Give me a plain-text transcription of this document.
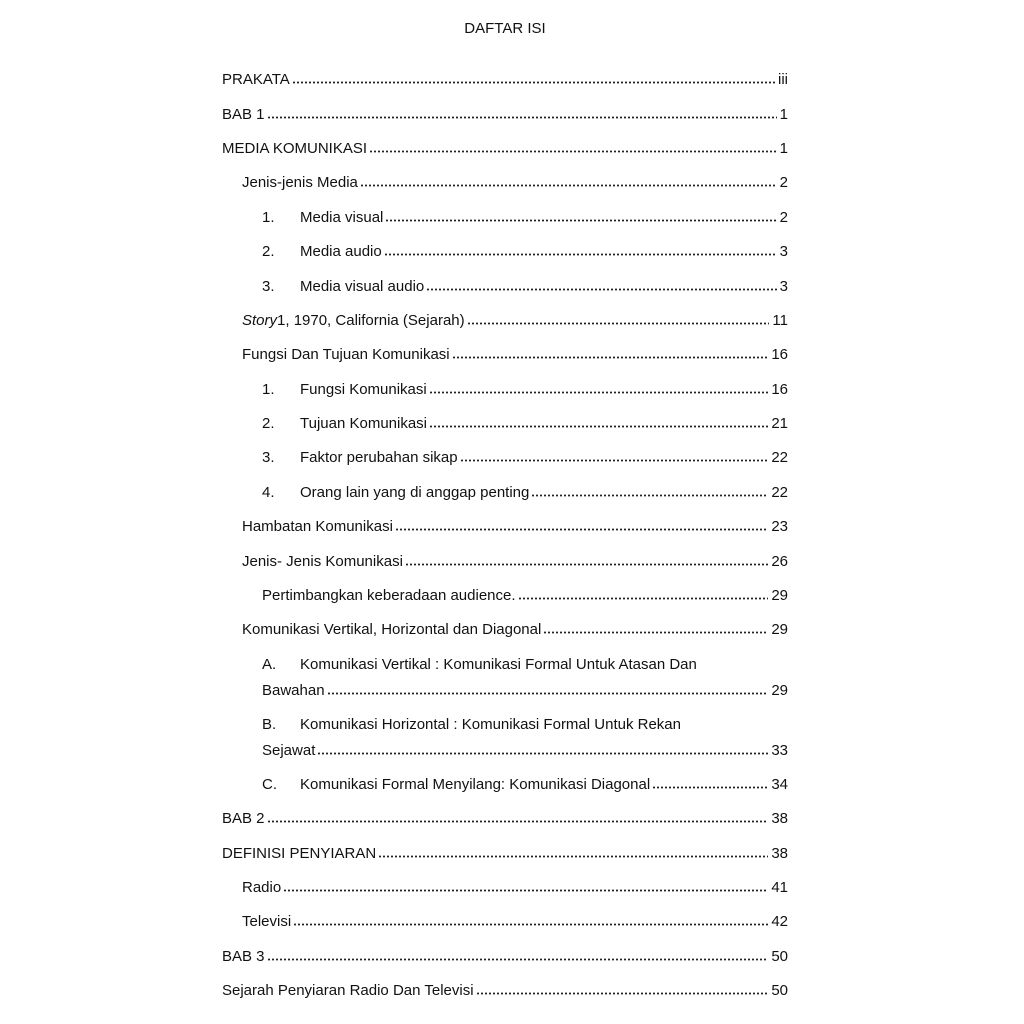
DAFTAR ISI
PRAKATA	iii
BAB 1	1
MEDIA KOMUNIKASI	1
Jenis-jenis Media	2
1.	Media visual	2
2.	Media audio	3
3.	Media visual audio	3
Story 1, 1970, California (Sejarah)	11
Fungsi Dan Tujuan Komunikasi	16
1.	Fungsi Komunikasi	16
2.	Tujuan Komunikasi	21
3.	Faktor perubahan sikap	22
4.	Orang lain yang di anggap penting	22
Hambatan Komunikasi	23
Jenis- Jenis Komunikasi	26
Pertimbangkan keberadaan audience.	29
Komunikasi Vertikal, Horizontal dan Diagonal	29
A.	Komunikasi Vertikal : Komunikasi Formal Untuk Atasan Dan
Bawahan	29
B.	Komunikasi Horizontal : Komunikasi Formal Untuk Rekan
Sejawat	33
C.	Komunikasi Formal Menyilang: Komunikasi Diagonal	34
BAB 2	38
DEFINISI PENYIARAN	38
Radio	41
Televisi	42
BAB 3	50
Sejarah Penyiaran Radio Dan Televisi	50
